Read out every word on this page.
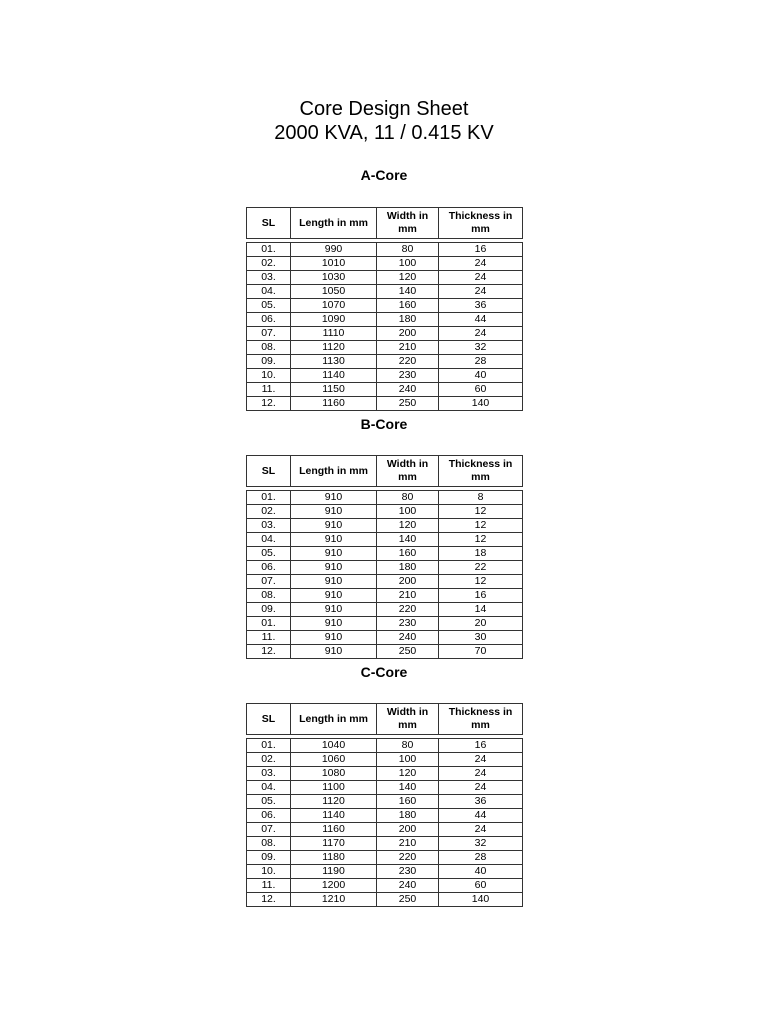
Core Design Sheet
2000 KVA, 11 / 0.415 KV
A-Core
SL	Length in mm	Width in mm	Thickness in mm

01.	990	80	16
02.	1010	100	24
03.	1030	120	24
04.	1050	140	24
05.	1070	160	36
06.	1090	180	44
07.	1110	200	24
08.	1120	210	32
09.	1130	220	28
10.	1140	230	40
11.	1150	240	60
12.	1160	250	140
B-Core
SL	Length in mm	Width in mm	Thickness in mm

01.	910	80	8
02.	910	100	12
03.	910	120	12
04.	910	140	12
05.	910	160	18
06.	910	180	22
07.	910	200	12
08.	910	210	16
09.	910	220	14
01.	910	230	20
11.	910	240	30
12.	910	250	70
C-Core
SL	Length in mm	Width in mm	Thickness in mm

01.	1040	80	16
02.	1060	100	24
03.	1080	120	24
04.	1100	140	24
05.	1120	160	36
06.	1140	180	44
07.	1160	200	24
08.	1170	210	32
09.	1180	220	28
10.	1190	230	40
11.	1200	240	60
12.	1210	250	140
